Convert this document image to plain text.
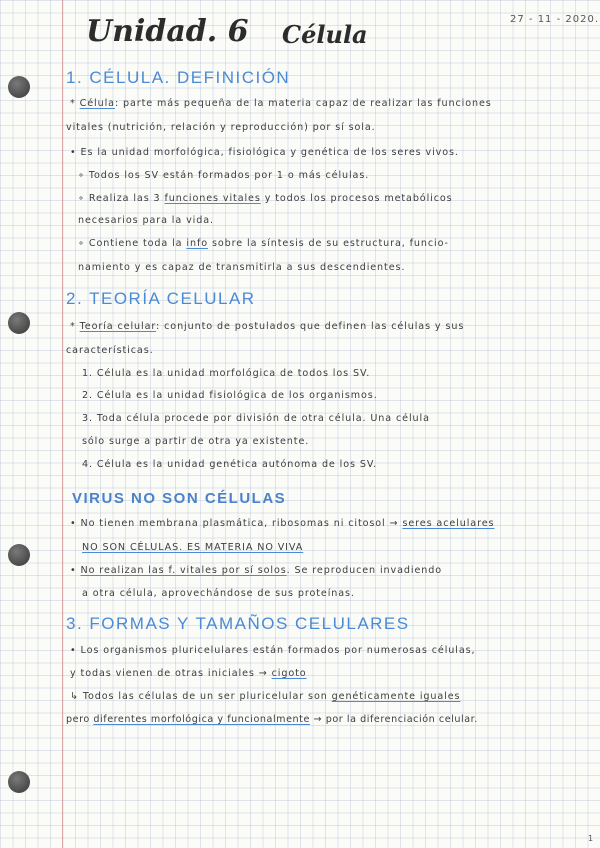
Unidad. 6 Célula
27 - 11 - 2020.
1. CÉLULA. DEFINICIÓN
* Célula: parte más pequeña de la materia capaz de realizar las funciones
vitales (nutrición, relación y reproducción) por sí sola.
• Es la unidad morfológica, fisiológica y genética de los seres vivos.
∘ Todos los SV están formados por 1 o más células.
∘ Realiza las 3 funciones vitales y todos los procesos metabólicos
necesarios para la vida.
∘ Contiene toda la info sobre la síntesis de su estructura, funcio-
namiento y es capaz de transmitirla a sus descendientes.
2. TEORÍA CELULAR
* Teoría celular: conjunto de postulados que definen las células y sus
características.
1. Célula es la unidad morfológica de todos los SV.
2. Célula es la unidad fisiológica de los organismos.
3. Toda célula procede por división de otra célula. Una célula
sólo surge a partir de otra ya existente.
4. Célula es la unidad genética autónoma de los SV.
VIRUS NO SON CÉLULAS
• No tienen membrana plasmática, ribosomas ni citosol → seres acelulares
NO SON CÉLULAS. ES MATERIA NO VIVA
• No realizan las f. vitales por sí solos. Se reproducen invadiendo
a otra célula, aprovechándose de sus proteínas.
3. FORMAS Y TAMAÑOS CELULARES
• Los organismos pluricelulares están formados por numerosas células,
y todas vienen de otras iniciales → cigoto
↳ Todos las células de un ser pluricelular son genéticamente iguales
pero diferentes morfológica y funcionalmente → por la diferenciación celular.
1
